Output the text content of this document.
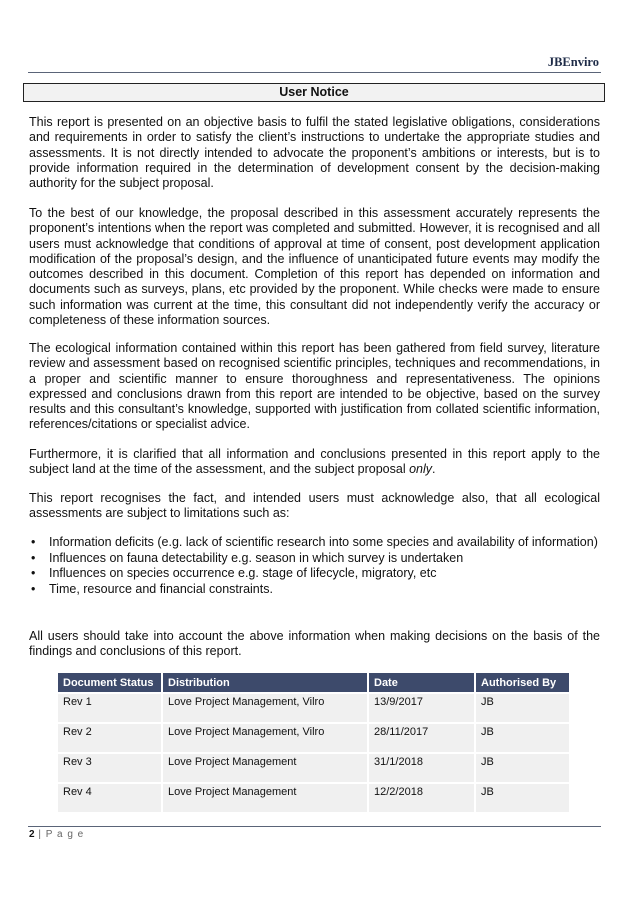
JBEnviro
User Notice

This report is presented on an objective basis to fulfil the stated legislative obligations, considerations and requirements in order to satisfy the client’s instructions to undertake the appropriate studies and assessments. It is not directly intended to advocate the proponent’s ambitions or interests, but is to provide information required in the determination of development consent by the decision-making authority for the subject proposal.

To the best of our knowledge, the proposal described in this assessment accurately represents the proponent’s intentions when the report was completed and submitted. However, it is recognised and all users must acknowledge that conditions of approval at time of consent, post development application modification of the proposal’s design, and the influence of unanticipated future events may modify the outcomes described in this document. Completion of this report has depended on information and documents such as surveys, plans, etc provided by the proponent. While checks were made to ensure such information was current at the time, this consultant did not independently verify the accuracy or completeness of these information sources.

The ecological information contained within this report has been gathered from field survey, literature review and assessment based on recognised scientific principles, techniques and recommendations, in a proper and scientific manner to ensure thoroughness and representativeness. The opinions expressed and conclusions drawn from this report are intended to be objective, based on the survey results and this consultant’s knowledge, supported with justification from collated scientific information, references/citations or specialist advice.

Furthermore, it is clarified that all information and conclusions presented in this report apply to the subject land at the time of the assessment, and the subject proposal only.

This report recognises the fact, and intended users must acknowledge also, that all ecological assessments are subject to limitations such as:

• Information deficits (e.g. lack of scientific research into some species and availability of information)
• Influences on fauna detectability e.g. season in which survey is undertaken
• Influences on species occurrence e.g. stage of lifecycle, migratory, etc
• Time, resource and financial constraints.

All users should take into account the above information when making decisions on the basis of the findings and conclusions of this report.

Document Status	Distribution	Date	Authorised By
Rev 1	Love Project Management, Vilro	13/9/2017	JB
Rev 2	Love Project Management, Vilro	28/11/2017	JB
Rev 3	Love Project Management	31/1/2018	JB
Rev 4	Love Project Management	12/2/2018	JB
2 | P a g e
